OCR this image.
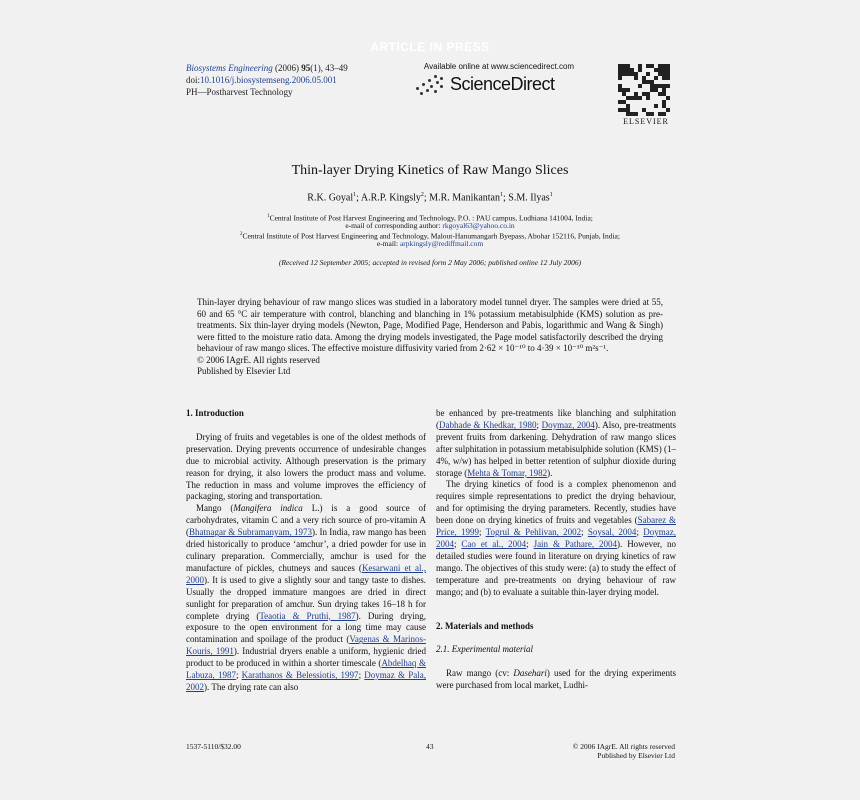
ARTICLE IN PRESS
Biosystems Engineering (2006) 95(1), 43–49
doi:10.1016/j.biosystemseng.2006.05.001
PH—Postharvest Technology
Available online at www.sciencedirect.com
ScienceDirect
ELSEVIER
Thin-layer Drying Kinetics of Raw Mango Slices
R.K. Goyal$^1$; A.R.P. Kingsly$^2$; M.R. Manikantan$^1$; S.M. Ilyas$^1$
$^1$Central Institute of Post Harvest Engineering and Technology, P.O. : PAU campus, Ludhiana 141004, India;
e-mail of corresponding author: rkgoyal63@yahoo.co.in
$^2$Central Institute of Post Harvest Engineering and Technology, Malout-Hanumangarh Byepass, Abohar 152116, Punjab, India;
e-mail: arpkingsly@rediffmail.com
(Received 12 September 2005; accepted in revised form 2 May 2006; published online 12 July 2006)

Thin-layer drying behaviour of raw mango slices was studied in a laboratory model tunnel dryer. The samples were dried at 55, 60 and 65 °C air temperature with control, blanching and blanching in 1% potassium metabisulphide (KMS) solution as pre-treatments. Six thin-layer drying models (Newton, Page, Modified Page, Henderson and Pabis, logarithmic and Wang & Singh) were fitted to the moisture ratio data. Among the drying models investigated, the Page model satisfactorily described the drying behaviour of raw mango slices. The effective moisture diffusivity varied from 2·62 × 10⁻¹⁰ to 4·39 × 10⁻¹⁰ m²s⁻¹.

© 2006 IAgrE. All rights reserved

Published by Elsevier Ltd

1. Introduction

Drying of fruits and vegetables is one of the oldest methods of preservation. Drying prevents occurrence of undesirable changes due to microbial activity. Although preservation is the primary reason for drying, it also lowers the product mass and volume. The reduction in mass and volume improves the efficiency of packaging, storing and transportation.

Mango (Mangifera indica L.) is a good source of carbohydrates, vitamin C and a very rich source of pro-vitamin A (Bhatnagar & Subramanyam, 1973). In India, raw mango has been dried historically to produce ‘amchur’, a dried powder for use in culinary preparation. Commercially, amchur is used for the manufacture of pickles, chutneys and sauces (Kesarwani et al., 2000). It is used to give a slightly sour and tangy taste to dishes. Usually the dropped immature mangoes are dried in direct sunlight for preparation of amchur. Sun drying takes 16–18 h for complete drying (Teaotia & Pruthi, 1987). During drying, exposure to the open environment for a long time may cause contamination and spoilage of the product (Vagenas & Marinos-Kouris, 1991). Industrial dryers enable a uniform, hygienic dried product to be produced in within a shorter timescale (Abdelhaq & Labuza, 1987; Karathanos & Belessiotis, 1997; Doymaz & Pala, 2002). The drying rate can also

be enhanced by pre-treatments like blanching and sulphitation (Dabhade & Khedkar, 1980; Doymaz, 2004). Also, pre-treatments prevent fruits from darkening. Dehydration of raw mango slices after sulphitation in potassium metabisulphide solution (KMS) (1–4%, w/w) has helped in better retention of sulphur dioxide during storage (Mehta & Tomar, 1982).

The drying kinetics of food is a complex phenomenon and requires simple representations to predict the drying behaviour, and for optimising the drying parameters. Recently, studies have been done on drying kinetics of fruits and vegetables (Sabarez & Price, 1999; Togrul & Pehlivan, 2002; Soysal, 2004; Doymaz, 2004; Cao et al., 2004; Jain & Pathare, 2004). However, no detailed studies were found in literature on drying kinetics of raw mango. The objectives of this study were: (a) to study the effect of temperature and pre-treatments on drying behaviour of raw mango; and (b) to evaluate a suitable thin-layer drying model.

2. Materials and methods

2.1. Experimental material

Raw mango (cv: Dasehari) used for the drying experiments were purchased from local market, Ludhi-

1537-5110/$32.00	43	© 2006 IAgrE. All rights reserved
Published by Elsevier Ltd
